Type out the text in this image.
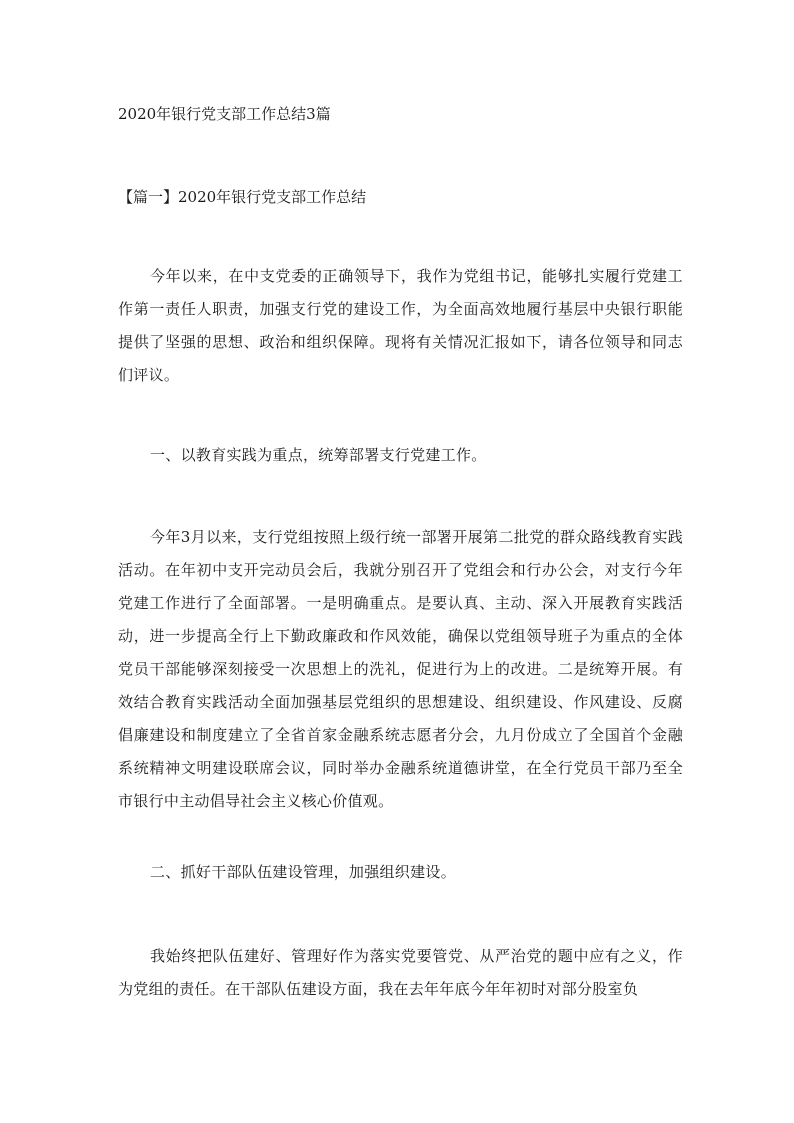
2020年银行党支部工作总结3篇

【篇一】2020年银行党支部工作总结

今年以来，在中支党委的正确领导下，我作为党组书记，能够扎实履行党建工作第一责任人职责，加强支行党的建设工作，为全面高效地履行基层中央银行职能提供了坚强的思想、政治和组织保障。现将有关情况汇报如下，请各位领导和同志们评议。

一、以教育实践为重点，统筹部署支行党建工作。

今年3月以来，支行党组按照上级行统一部署开展第二批党的群众路线教育实践活动。在年初中支开完动员会后，我就分别召开了党组会和行办公会，对支行今年党建工作进行了全面部署。一是明确重点。是要认真、主动、深入开展教育实践活动，进一步提高全行上下勤政廉政和作风效能，确保以党组领导班子为重点的全体党员干部能够深刻接受一次思想上的洗礼，促进行为上的改进。二是统筹开展。有效结合教育实践活动全面加强基层党组织的思想建设、组织建设、作风建设、反腐倡廉建设和制度建立了全省首家金融系统志愿者分会，九月份成立了全国首个金融系统精神文明建设联席会议，同时举办金融系统道德讲堂，在全行党员干部乃至全市银行中主动倡导社会主义核心价值观。

二、抓好干部队伍建设管理，加强组织建设。

我始终把队伍建好、管理好作为落实党要管党、从严治党的题中应有之义，作为党组的责任。在干部队伍建设方面，我在去年年底今年年初时对部分股室负
